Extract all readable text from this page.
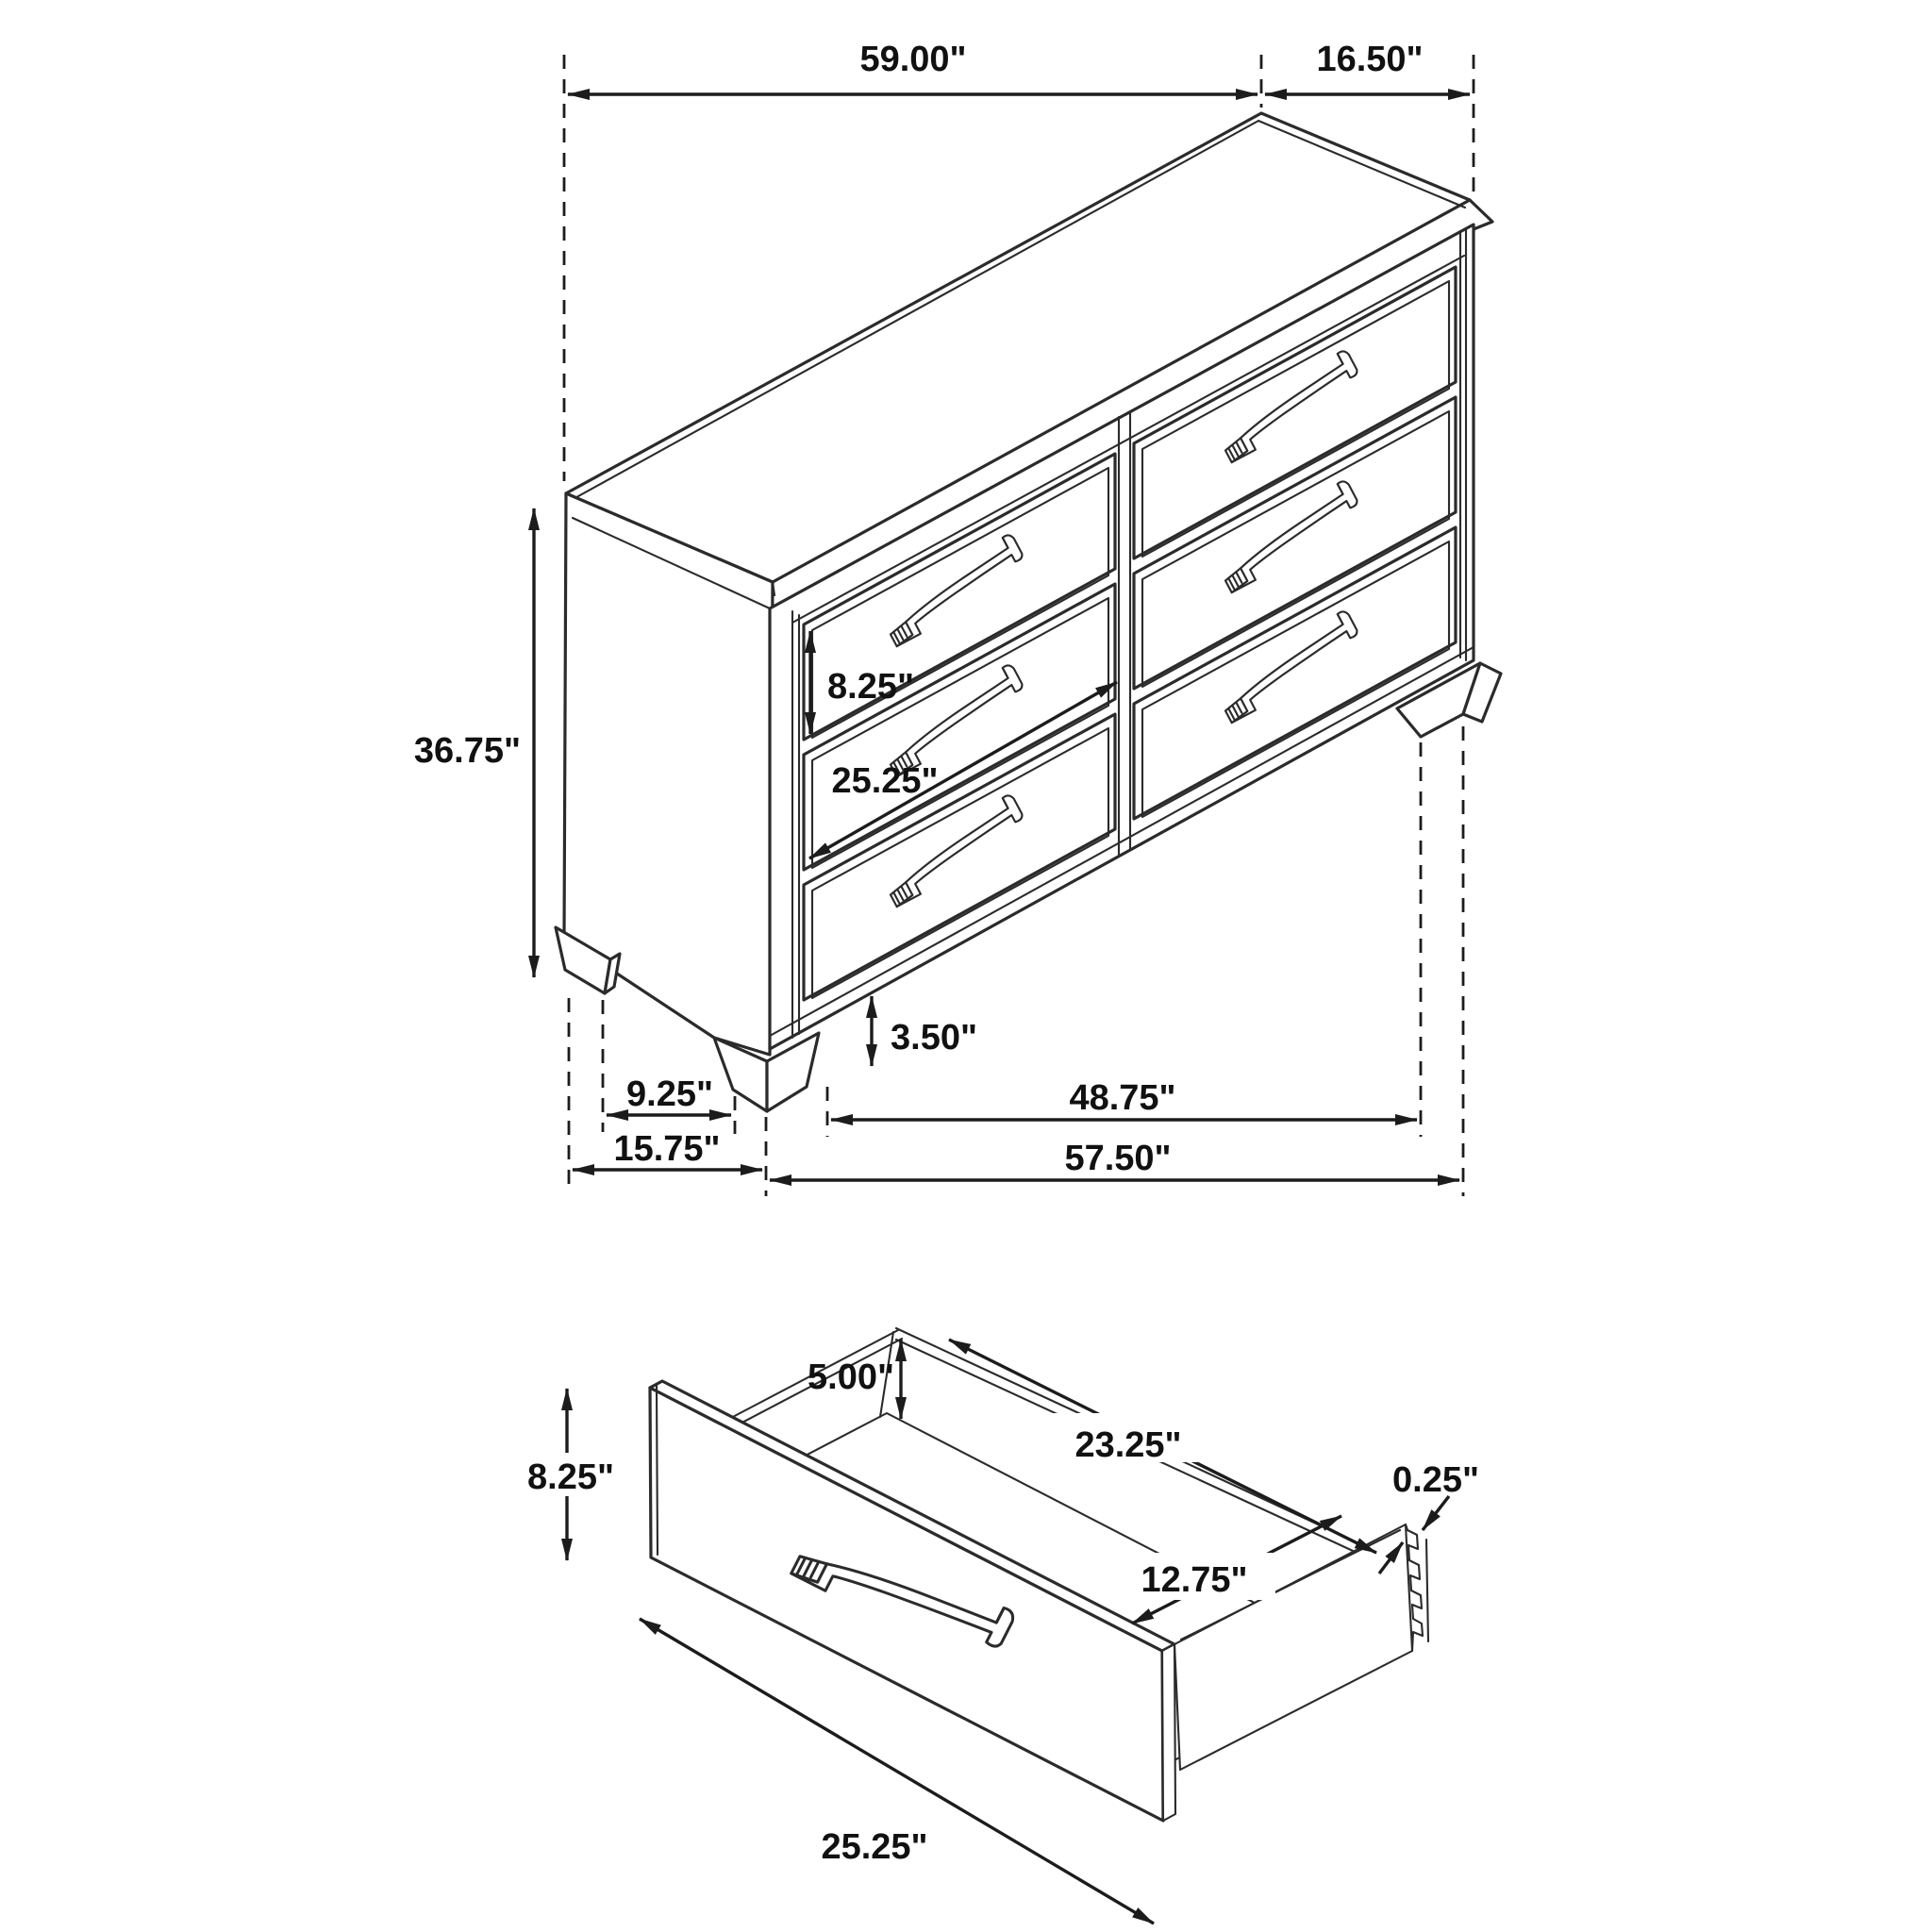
59.00"	16.50"
36.75"
8.25"
25.25"
3.50"
9.25"
15.75"
48.75"
57.50"
8.25"
5.00"
23.25"
0.25"
12.75"
25.25"
